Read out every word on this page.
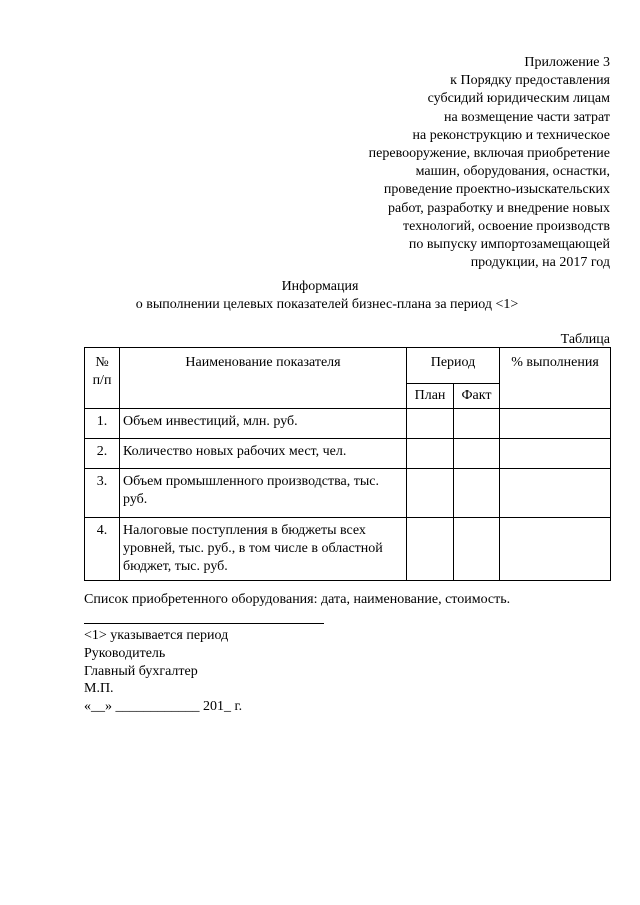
Приложение 3
к Порядку предоставления
субсидий юридическим лицам
на возмещение части затрат
на реконструкцию и техническое
перевооружение, включая приобретение
машин, оборудования, оснастки,
проведение проектно-изыскательских
работ, разработку и внедрение новых
технологий, освоение производств
по выпуску импортозамещающей
продукции, на 2017 год
Информация
о выполнении целевых показателей бизнес-плана за период <1>
Таблица
№
п/п	Наименование показателя	Период		% выполнения
		План	Факт	
1.	Объем инвестиций, млн. руб.			
2.	Количество новых рабочих мест, чел.			
3.	Объем промышленного производства, тыс. руб.			
4.	Налоговые поступления в бюджеты всех уровней, тыс. руб., в том числе в областной бюджет, тыс. руб.			
Список приобретенного оборудования: дата, наименование, стоимость.
<1> указывается период
Руководитель
Главный бухгалтер
М.П.
«__» ____________ 201_ г.
